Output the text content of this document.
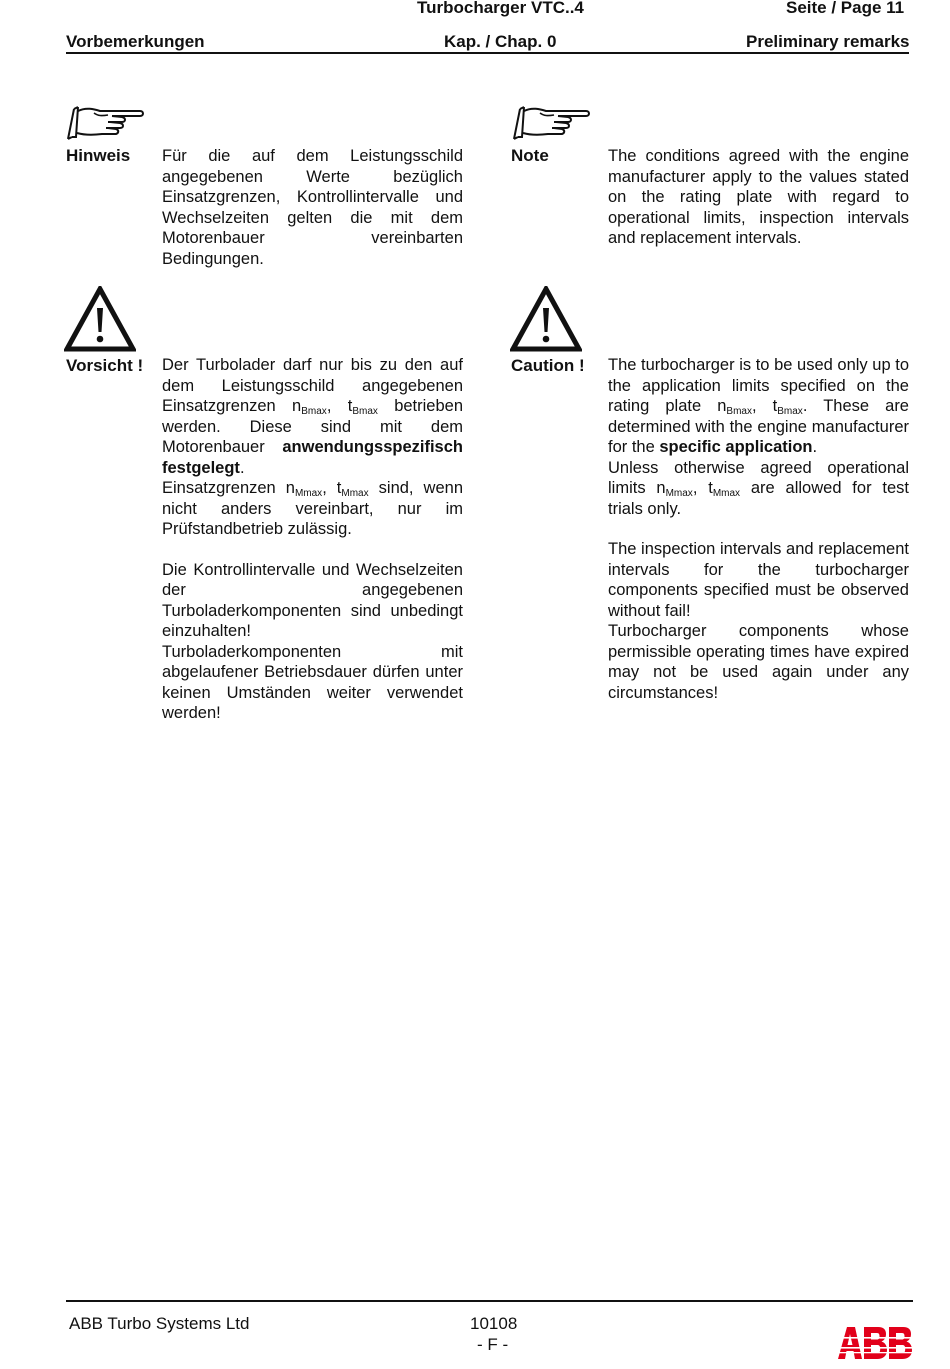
Turbocharger VTC..4	Seite / Page 11
Vorbemerkungen	Kap. / Chap. 0	Preliminary remarks
Hinweis Für die auf dem Leistungsschild angegebenen Werte bezüglich Einsatzgrenzen, Kontrollintervalle und Wechselzeiten gelten die mit dem Motorenbauer vereinbarten Bedingungen.

Note	The conditions agreed with the engine manufacturer apply to the values stated on the rating plate with regard to operational limits, inspection intervals and replacement intervals.

Vorsicht ! Der Turbolader darf nur bis zu den auf dem Leistungsschild angegebenen Einsatzgrenzen $n_{Bmax}$, $t_{Bmax}$ betrieben werden. Diese sind mit dem Motorenbauer anwendungsspezifisch festgelegt.

Einsatzgrenzen $n_{Mmax}$, $t_{Mmax}$ sind, wenn nicht anders vereinbart, nur im Prüfstandbetrieb zulässig.

Die Kontrollintervalle und Wechselzeiten der angegebenen Turboladerkomponenten sind unbedingt einzuhalten!

Turboladerkomponenten mit abgelaufener Betriebsdauer dürfen unter keinen Umständen weiter verwendet werden!

Caution ! The turbocharger is to be used only up to the application limits specified on the rating plate $n_{Bmax}$, $t_{Bmax}$. These are determined with the engine manufacturer for the specific application.

Unless otherwise agreed operational limits $n_{Mmax}$, $t_{Mmax}$ are allowed for test trials only.

The inspection intervals and replacement intervals for the turbocharger components specified must be observed without fail!

Turbocharger components whose permissible operating times have expired may not be used again under any circumstances!

ABB Turbo Systems Ltd	10108
- F -
